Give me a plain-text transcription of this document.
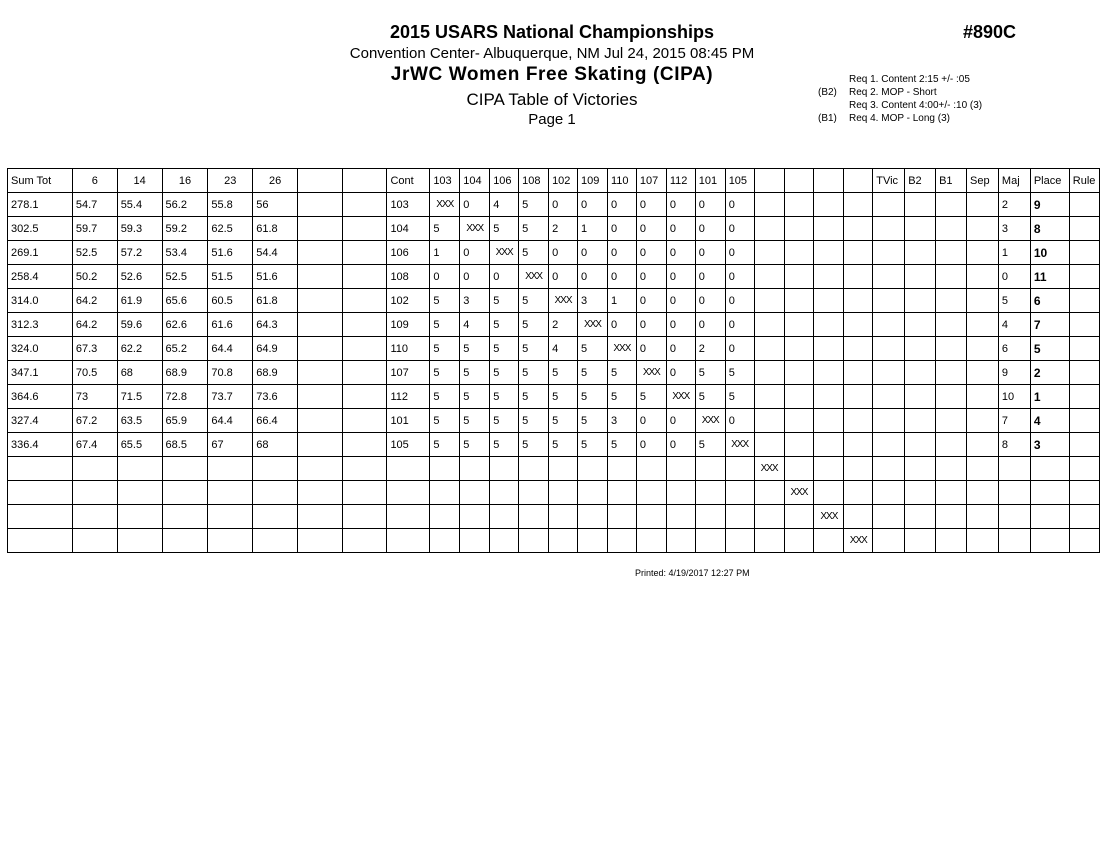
2015 USARS National Championships	#890C
Convention Center- Albuquerque, NM Jul 24, 2015 08:45 PM
JrWC Women Free Skating (CIPA)
CIPA Table of Victories
Page 1
Req 1. Content 2:15 +/- :05
(B2)	Req 2. MOP - Short
Req 3. Content 4:00+/- :10 (3)
(B1)	Req 4. MOP - Long (3)
Sum Tot	6	14	16	23	26			Cont	103	104	106	108	102	109	110	107	112	101	105					TVic	B2	B1	Sep	Maj	Place	Rule
278.1	54.7	55.4	56.2	55.8	56			103	XXX	0	4	5	0	0	0	0	0	0	0									2	9	
302.5	59.7	59.3	59.2	62.5	61.8			104	5	XXX	5	5	2	1	0	0	0	0	0									3	8	
269.1	52.5	57.2	53.4	51.6	54.4			106	1	0	XXX	5	0	0	0	0	0	0	0									1	10	
258.4	50.2	52.6	52.5	51.5	51.6			108	0	0	0	XXX	0	0	0	0	0	0	0									0	11	
314.0	64.2	61.9	65.6	60.5	61.8			102	5	3	5	5	XXX	3	1	0	0	0	0									5	6	
312.3	64.2	59.6	62.6	61.6	64.3			109	5	4	5	5	2	XXX	0	0	0	0	0									4	7	
324.0	67.3	62.2	65.2	64.4	64.9			110	5	5	5	5	4	5	XXX	0	0	2	0									6	5	
347.1	70.5	68	68.9	70.8	68.9			107	5	5	5	5	5	5	5	XXX	0	5	5									9	2	
364.6	73	71.5	72.8	73.7	73.6			112	5	5	5	5	5	5	5	5	XXX	5	5									10	1	
327.4	67.2	63.5	65.9	64.4	66.4			101	5	5	5	5	5	5	3	0	0	XXX	0									7	4	
336.4	67.4	65.5	68.5	67	68			105	5	5	5	5	5	5	5	0	0	5	XXX									8	3	
																				XXX										
																					XXX									
																						XXX								
																							XXX							
Printed: 4/19/2017 12:27 PM
